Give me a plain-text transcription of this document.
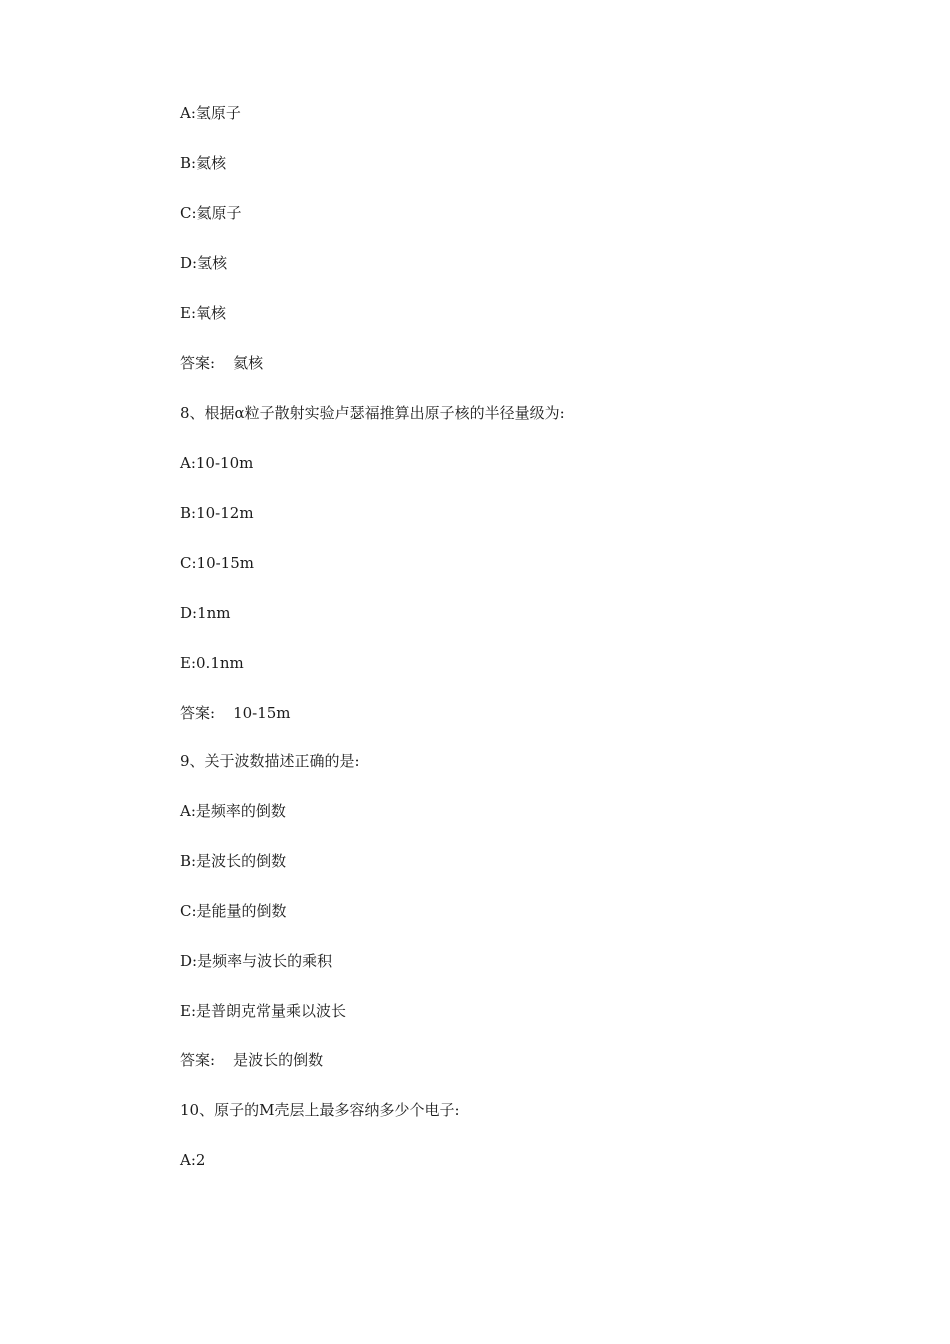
A:氢原子
B:氦核
C:氦原子
D:氢核
E:氧核
答案: 氦核
8、根据α粒子散射实验卢瑟福推算出原子核的半径量级为:
A:10-10m
B:10-12m
C:10-15m
D:1nm
E:0.1nm
答案: 10-15m
9、关于波数描述正确的是:
A:是频率的倒数
B:是波长的倒数
C:是能量的倒数
D:是频率与波长的乘积
E:是普朗克常量乘以波长
答案: 是波长的倒数
10、原子的M壳层上最多容纳多少个电子:
A:2
